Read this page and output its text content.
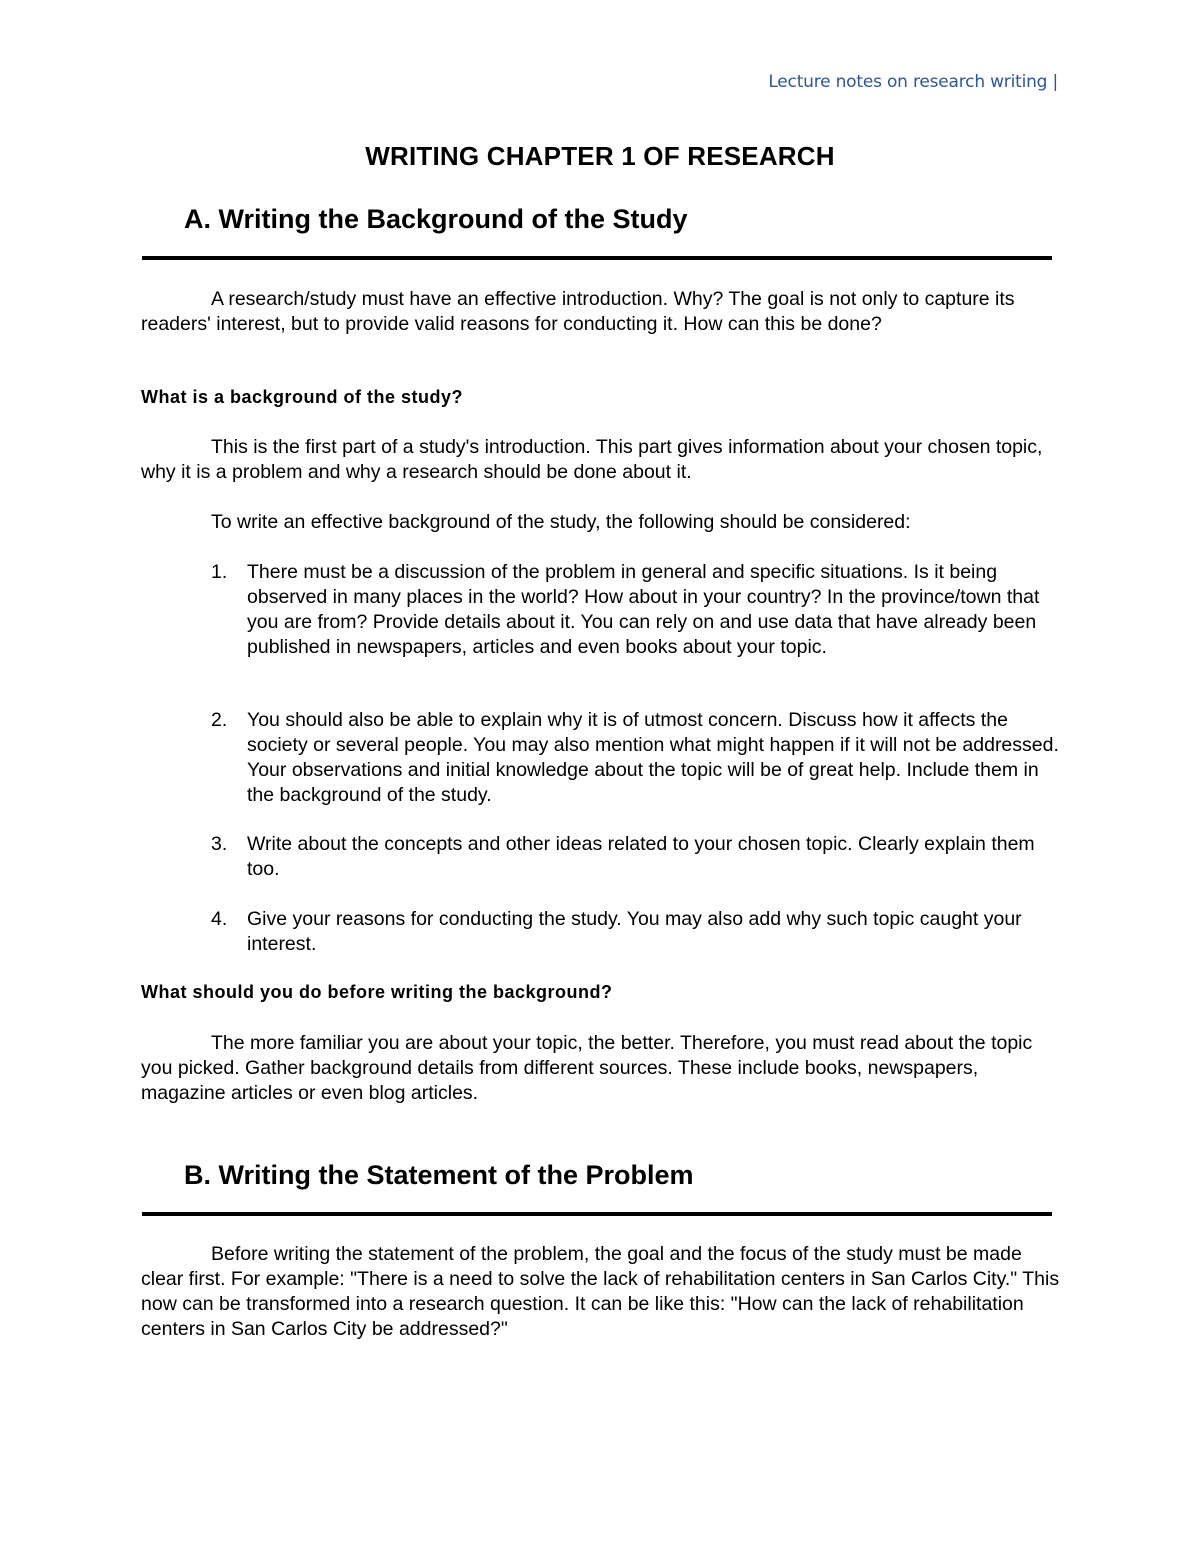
Lecture notes on research writing |
WRITING CHAPTER 1 OF RESEARCH
A. Writing the Background of the Study

A research/study must have an effective introduction. Why? The goal is not only to capture its readers' interest, but to provide valid reasons for conducting it. How can this be done?

What is a background of the study?

This is the first part of a study's introduction. This part gives information about your chosen topic, why it is a problem and why a research should be done about it.

To write an effective background of the study, the following should be considered:

1.	There must be a discussion of the problem in general and specific situations. Is it being observed in many places in the world? How about in your country? In the province/town that you are from? Provide details about it. You can rely on and use data that have already been published in newspapers, articles and even books about your topic.
2.	You should also be able to explain why it is of utmost concern. Discuss how it affects the society or several people. You may also mention what might happen if it will not be addressed. Your observations and initial knowledge about the topic will be of great help. Include them in the background of the study.
3.	Write about the concepts and other ideas related to your chosen topic. Clearly explain them too.
4.	Give your reasons for conducting the study. You may also add why such topic caught your interest.
What should you do before writing the background?

The more familiar you are about your topic, the better. Therefore, you must read about the topic you picked. Gather background details from different sources. These include books, newspapers, magazine articles or even blog articles.

B. Writing the Statement of the Problem

Before writing the statement of the problem, the goal and the focus of the study must be made clear first. For example: "There is a need to solve the lack of rehabilitation centers in San Carlos City." This now can be transformed into a research question. It can be like this: "How can the lack of rehabilitation centers in San Carlos City be addressed?"
